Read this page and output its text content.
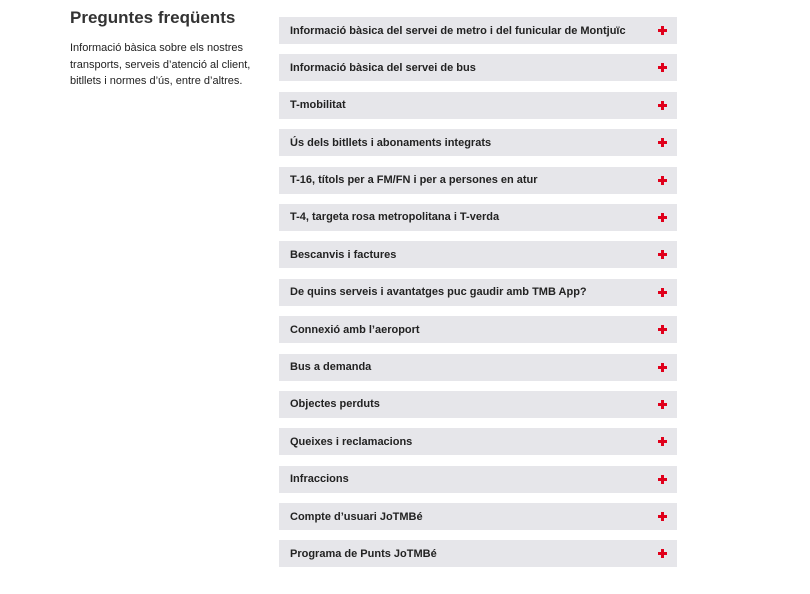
Preguntes freqüents

Informació bàsica sobre els nostres transports, serveis d’atenció al client, bitllets i normes d’ús, entre d’altres.

Informació bàsica del servei de metro i del funicular de Montjuïc
Informació bàsica del servei de bus
T-mobilitat
Ús dels bitllets i abonaments integrats
T-16, títols per a FM/FN i per a persones en atur
T-4, targeta rosa metropolitana i T-verda
Bescanvis i factures
De quins serveis i avantatges puc gaudir amb TMB App?
Connexió amb l’aeroport
Bus a demanda
Objectes perduts
Queixes i reclamacions
Infraccions
Compte d’usuari JoTMBé
Programa de Punts JoTMBé
